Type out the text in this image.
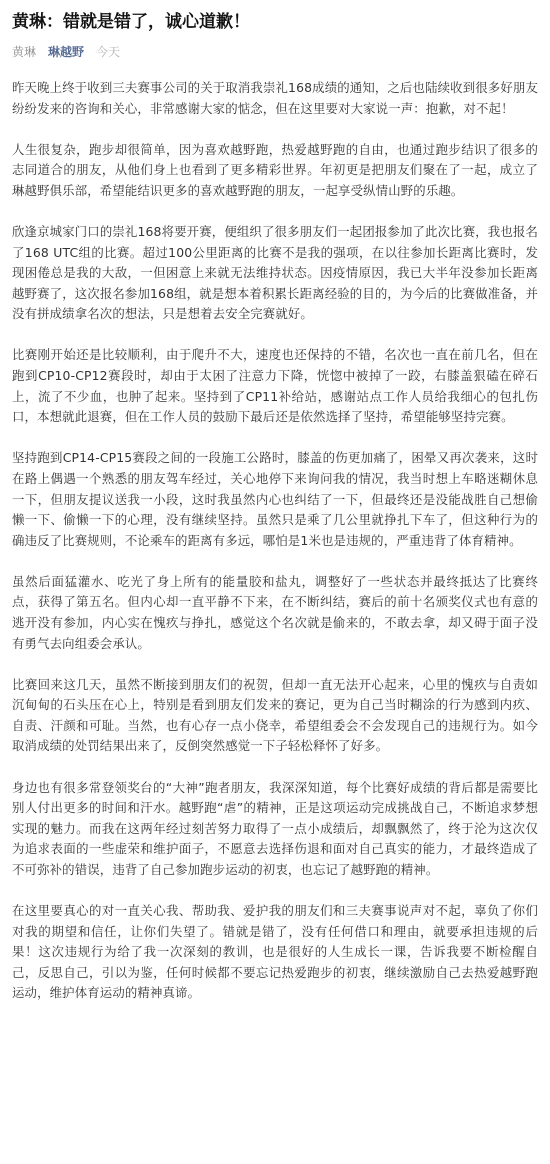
黄琳：错就是错了，诚心道歉！
黄琳 琳越野 今天

昨天晚上终于收到三夫赛事公司的关于取消我崇礼168成绩的通知，之后也陆续收到很多好朋友纷纷发来的咨询和关心，非常感谢大家的惦念，但在这里要对大家说一声：抱歉，对不起！

人生很复杂，跑步却很简单，因为喜欢越野跑，热爱越野跑的自由，也通过跑步结识了很多的志同道合的朋友，从他们身上也看到了更多精彩世界。年初更是把朋友们聚在了一起，成立了琳越野俱乐部，希望能结识更多的喜欢越野跑的朋友，一起享受纵情山野的乐趣。

欣逢京城家门口的崇礼168将要开赛，便组织了很多朋友们一起团报参加了此次比赛，我也报名了168 UTC组的比赛。超过100公里距离的比赛不是我的强项，在以往参加长距离比赛时，发现困倦总是我的大敌，一但困意上来就无法维持状态。因疫情原因，我已大半年没参加长距离越野赛了，这次报名参加168组，就是想本着积累长距离经验的目的，为今后的比赛做准备，并没有拼成绩拿名次的想法，只是想着去安全完赛就好。

比赛刚开始还是比较顺利，由于爬升不大，速度也还保持的不错，名次也一直在前几名，但在跑到CP10-CP12赛段时，却由于太困了注意力下降，恍惚中被掉了一跤，右膝盖狠磕在碎石上，流了不少血，也肿了起来。坚持到了CP11补给站，感谢站点工作人员给我细心的包扎伤口，本想就此退赛，但在工作人员的鼓励下最后还是依然选择了坚持，希望能够坚持完赛。

坚持跑到CP14-CP15赛段之间的一段施工公路时，膝盖的伤更加痛了，困晕又再次袭来，这时在路上偶遇一个熟悉的朋友驾车经过，关心地停下来询问我的情况，我当时想上车略迷糊休息一下，但朋友提议送我一小段，这时我虽然内心也纠结了一下，但最终还是没能战胜自己想偷懒一下、偷懒一下的心理，没有继续坚持。虽然只是乘了几公里就挣扎下车了，但这种行为的确违反了比赛规则，不论乘车的距离有多远，哪怕是1米也是违规的，严重违背了体育精神。

虽然后面猛灌水、吃光了身上所有的能量胶和盐丸，调整好了一些状态并最终抵达了比赛终点，获得了第五名。但内心却一直平静不下来，在不断纠结，赛后的前十名颁奖仪式也有意的逃开没有参加，内心实在愧疚与挣扎，感觉这个名次就是偷来的，不敢去拿，却又碍于面子没有勇气去向组委会承认。

比赛回来这几天，虽然不断接到朋友们的祝贺，但却一直无法开心起来，心里的愧疚与自责如沉甸甸的石头压在心上，特别是看到朋友们发来的赛记，更为自己当时糊涂的行为感到内疚、自责、汗颜和可耻。当然，也有心存一点小侥幸，希望组委会不会发现自己的违规行为。如今取消成绩的处罚结果出来了，反倒突然感觉一下子轻松释怀了好多。

身边也有很多常登领奖台的“大神”跑者朋友，我深深知道，每个比赛好成绩的背后都是需要比别人付出更多的时间和汗水。越野跑“虐”的精神，正是这项运动完成挑战自己，不断追求梦想实现的魅力。而我在这两年经过刻苦努力取得了一点小成绩后，却飘飘然了，终于沦为这次仅为追求表面的一些虚荣和维护面子，不愿意去选择伤退和面对自己真实的能力，才最终造成了不可弥补的错误，违背了自己参加跑步运动的初衷，也忘记了越野跑的精神。

在这里要真心的对一直关心我、帮助我、爱护我的朋友们和三夫赛事说声对不起，辜负了你们对我的期望和信任，让你们失望了。错就是错了，没有任何借口和理由，就要承担违规的后果！这次违规行为给了我一次深刻的教训，也是很好的人生成长一课，告诉我要不断检醒自己，反思自己，引以为鉴，任何时候都不要忘记热爱跑步的初衷，继续激励自己去热爱越野跑运动，维护体育运动的精神真谛。
